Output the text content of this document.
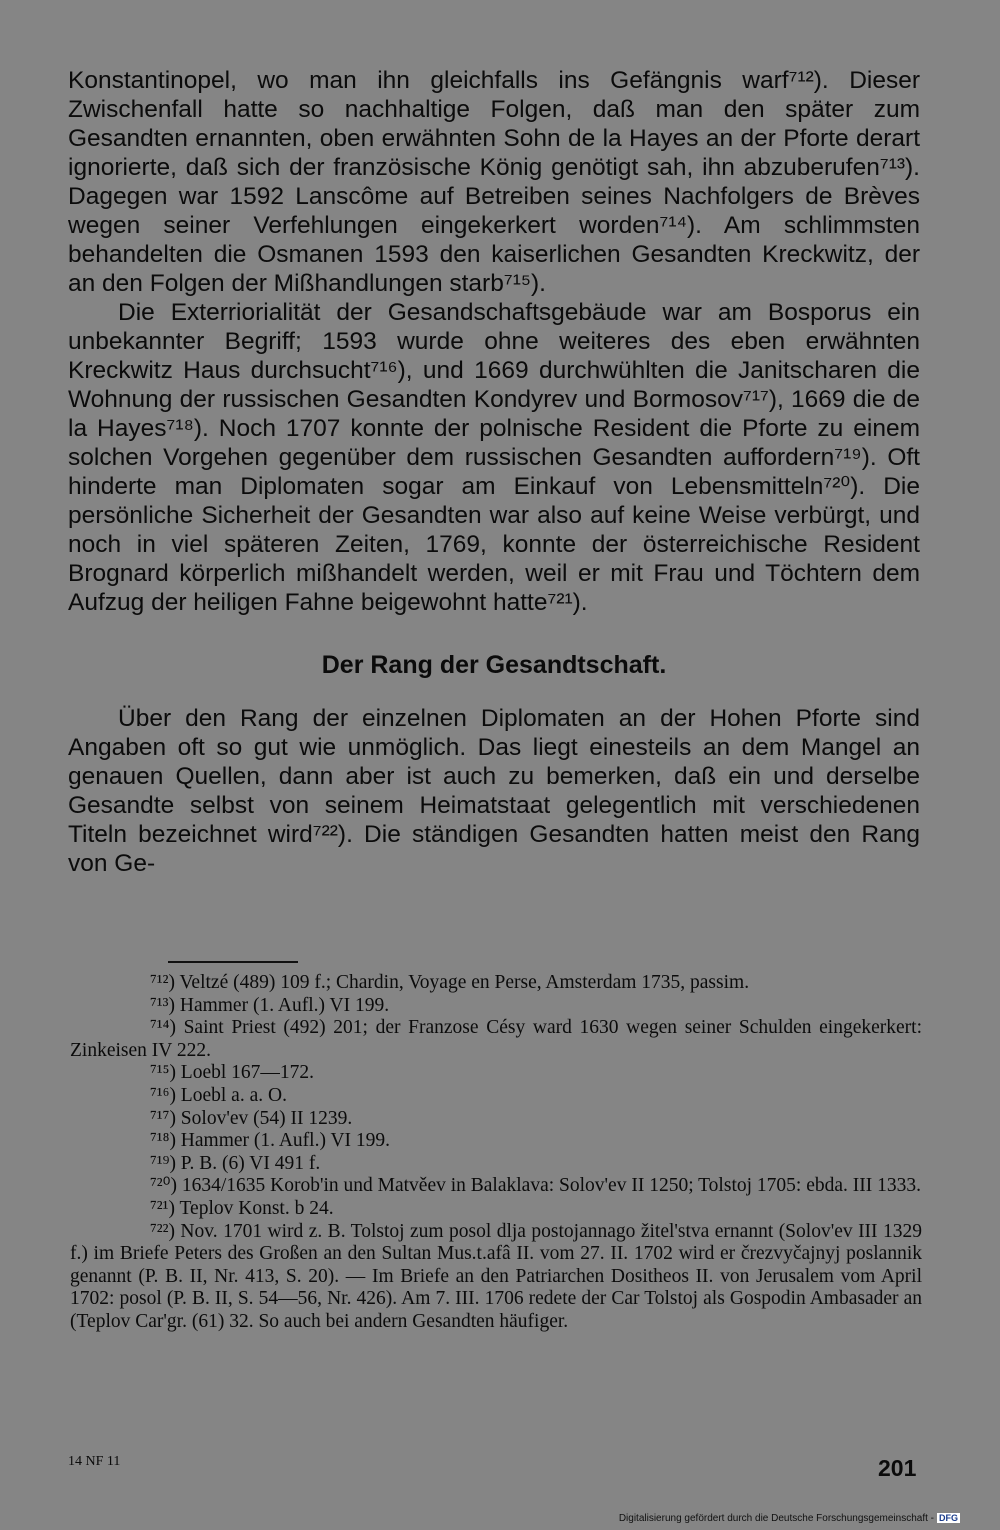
Konstantinopel, wo man ihn gleichfalls ins Gefängnis warf⁷¹²). Dieser Zwischenfall hatte so nachhaltige Folgen, daß man den später zum Gesandten ernannten, oben erwähnten Sohn de la Hayes an der Pforte derart ignorierte, daß sich der französische König genötigt sah, ihn abzuberufen⁷¹³). Dagegen war 1592 Lanscôme auf Betreiben seines Nachfolgers de Brèves wegen seiner Verfehlungen eingekerkert worden⁷¹⁴). Am schlimmsten behandelten die Osmanen 1593 den kaiserlichen Gesandten Kreckwitz, der an den Folgen der Mißhandlungen starb⁷¹⁵).

Die Exterriorialität der Gesandschaftsgebäude war am Bosporus ein unbekannter Begriff; 1593 wurde ohne weiteres des eben erwähnten Kreckwitz Haus durchsucht⁷¹⁶), und 1669 durchwühlten die Janitscharen die Wohnung der russischen Gesandten Kondyrev und Bormosov⁷¹⁷), 1669 die de la Hayes⁷¹⁸). Noch 1707 konnte der polnische Resident die Pforte zu einem solchen Vorgehen gegenüber dem russischen Gesandten auffordern⁷¹⁹). Oft hinderte man Diplomaten sogar am Einkauf von Lebensmitteln⁷²⁰). Die persönliche Sicherheit der Gesandten war also auf keine Weise verbürgt, und noch in viel späteren Zeiten, 1769, konnte der österreichische Resident Brognard körperlich mißhandelt werden, weil er mit Frau und Töchtern dem Aufzug der heiligen Fahne beigewohnt hatte⁷²¹).

Der Rang der Gesandtschaft.

Über den Rang der einzelnen Diplomaten an der Hohen Pforte sind Angaben oft so gut wie unmöglich. Das liegt einesteils an dem Mangel an genauen Quellen, dann aber ist auch zu bemerken, daß ein und derselbe Gesandte selbst von seinem Heimatstaat gelegentlich mit verschiedenen Titeln bezeichnet wird⁷²²). Die ständigen Gesandten hatten meist den Rang von Ge-

⁷¹²) Veltzé (489) 109 f.; Chardin, Voyage en Perse, Amsterdam 1735, passim.

⁷¹³) Hammer (1. Aufl.) VI 199.

⁷¹⁴) Saint Priest (492) 201; der Franzose Césy ward 1630 wegen seiner Schulden eingekerkert: Zinkeisen IV 222.

⁷¹⁵) Loebl 167—172.

⁷¹⁶) Loebl a. a. O.

⁷¹⁷) Solov'ev (54) II 1239.

⁷¹⁸) Hammer (1. Aufl.) VI 199.

⁷¹⁹) P. B. (6) VI 491 f.

⁷²⁰) 1634/1635 Korob'in und Matvěev in Balaklava: Solov'ev II 1250; Tolstoj 1705: ebda. III 1333.

⁷²¹) Teplov Konst. b 24.

⁷²²) Nov. 1701 wird z. B. Tolstoj zum posol dlja postojannago žitel'stva ernannt (Solov'ev III 1329 f.) im Briefe Peters des Großen an den Sultan Mus.t.afâ II. vom 27. II. 1702 wird er črezvyčajnyj poslannik genannt (P. B. II, Nr. 413, S. 20). — Im Briefe an den Patriarchen Dositheos II. von Jerusalem vom April 1702: posol (P. B. II, S. 54—56, Nr. 426). Am 7. III. 1706 redete der Car Tolstoj als Gospodin Ambasader an (Teplov Car'gr. (61) 32. So auch bei andern Gesandten häufiger.

14 NF 11	201
Digitalisierung gefördert durch die Deutsche Forschungsgemeinschaft - DFG
